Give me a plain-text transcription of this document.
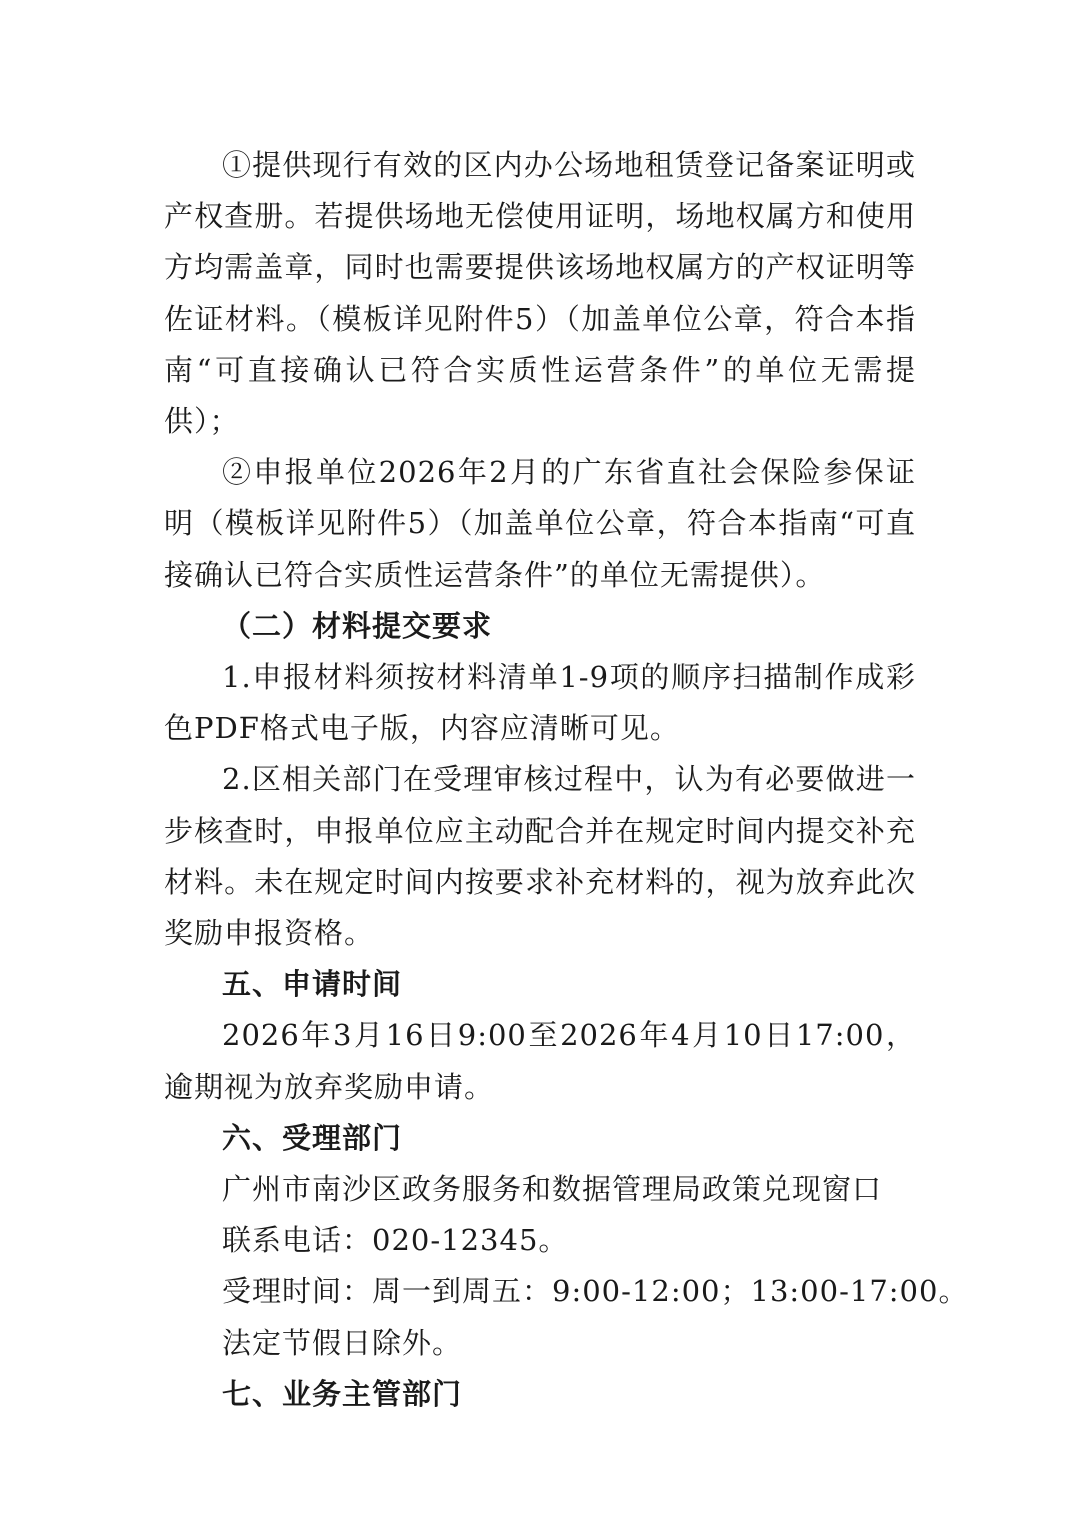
①提供现行有效的区内办公场地租赁登记备案证明或产权查册。若提供场地无偿使用证明，场地权属方和使用方均需盖章，同时也需要提供该场地权属方的产权证明等佐证材料。（模板详见附件5）（加盖单位公章，符合本指南“可直接确认已符合实质性运营条件”的单位无需提供）；

②申报单位2026年2月的广东省直社会保险参保证明（模板详见附件5）（加盖单位公章，符合本指南“可直接确认已符合实质性运营条件”的单位无需提供）。

（二）材料提交要求

1.申报材料须按材料清单1-9项的顺序扫描制作成彩色PDF格式电子版，内容应清晰可见。

2.区相关部门在受理审核过程中，认为有必要做进一步核查时，申报单位应主动配合并在规定时间内提交补充材料。未在规定时间内按要求补充材料的，视为放弃此次奖励申报资格。

五、申请时间

2026年3月16日9:00至2026年4月10日17:00，逾期视为放弃奖励申请。

六、受理部门

广州市南沙区政务服务和数据管理局政策兑现窗口

联系电话：020-12345。

受理时间：周一到周五：9:00-12:00；13:00-17:00。

法定节假日除外。

七、业务主管部门
